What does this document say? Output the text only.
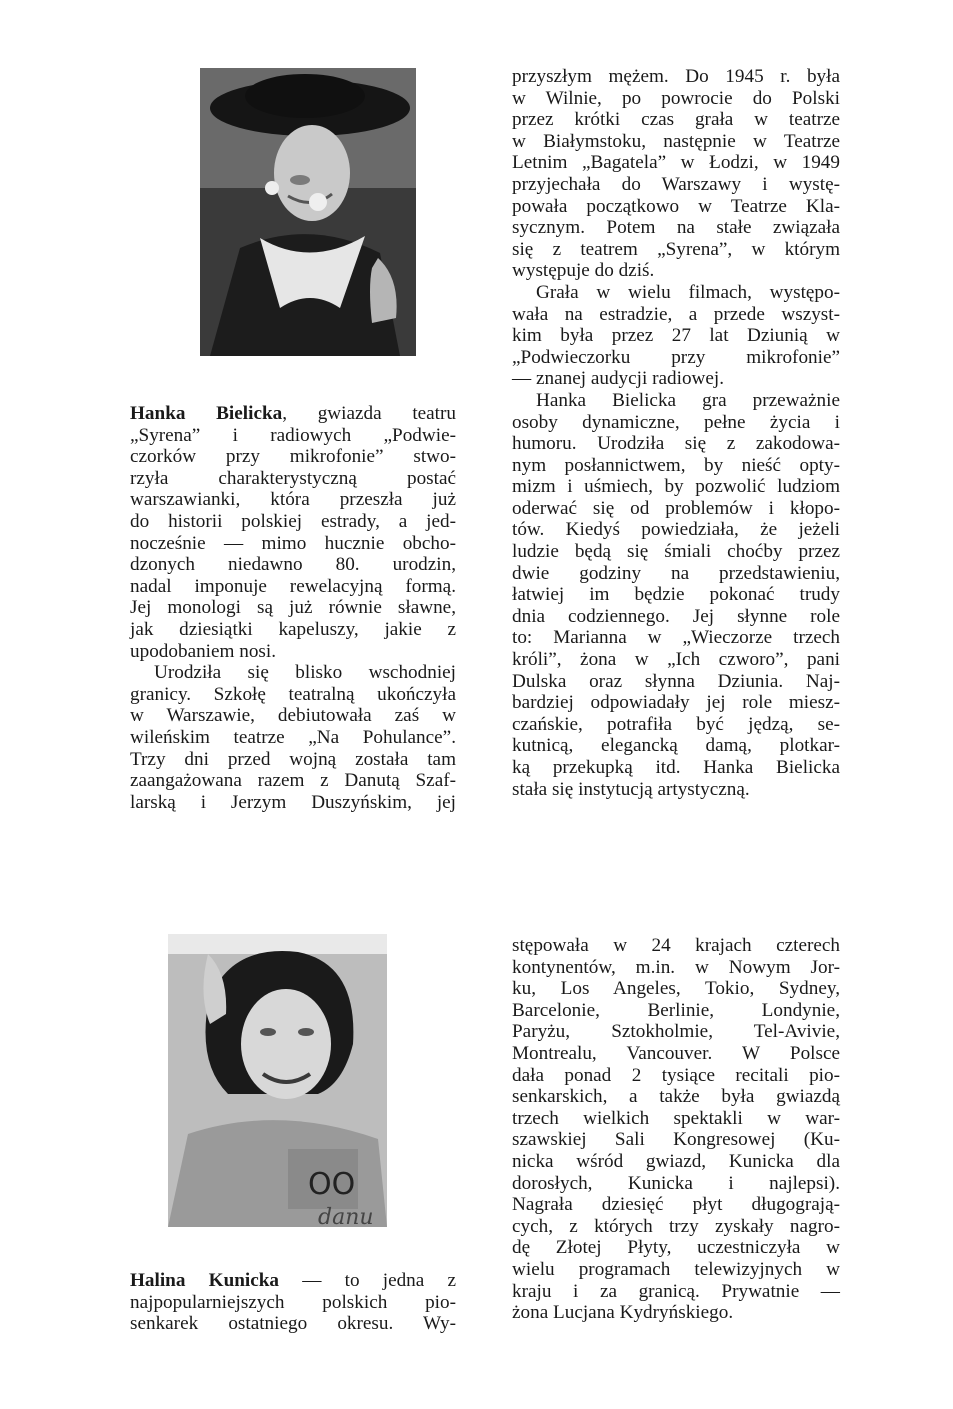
Hanka Bielicka, gwiazda teatru
„Syrena” i radiowych „Podwie-
czorków przy mikrofonie” stwo-
rzyła charakterystyczną postać
warszawianki, która przeszła już
do historii polskiej estrady, a jed-
nocześnie — mimo hucznie obcho-
dzonych niedawno 80. urodzin,
nadal imponuje rewelacyjną formą.
Jej monologi są już równie sławne,
jak dziesiątki kapeluszy, jakie z
upodobaniem nosi.
Urodziła się blisko wschodniej
granicy. Szkołę teatralną ukończyła
w Warszawie, debiutowała zaś w
wileńskim teatrze „Na Pohulance”.
Trzy dni przed wojną została tam
zaangażowana razem z Danutą Szaf-
larską i Jerzym Duszyńskim, jej
przyszłym mężem. Do 1945 r. była
w Wilnie, po powrocie do Polski
przez krótki czas grała w teatrze
w Białymstoku, następnie w Teatrze
Letnim „Bagatela” w Łodzi, w 1949
przyjechała do Warszawy i wystę-
powała początkowo w Teatrze Kla-
sycznym. Potem na stałe związała
się z teatrem „Syrena”, w którym
występuje do dziś.
Grała w wielu filmach, występo-
wała na estradzie, a przede wszyst-
kim była przez 27 lat Dziunią w
„Podwieczorku przy mikrofonie”
— znanej audycji radiowej.
Hanka Bielicka gra przeważnie
osoby dynamiczne, pełne życia i
humoru. Urodziła się z zakodowa-
nym posłannictwem, by nieść opty-
mizm i uśmiech, by pozwolić ludziom
oderwać się od problemów i kłopo-
tów. Kiedyś powiedziała, że jeżeli
ludzie będą się śmiali choćby przez
dwie godziny na przedstawieniu,
łatwiej im będzie pokonać trudy
dnia codziennego. Jej słynne role
to: Marianna w „Wieczorze trzech
króli”, żona w „Ich czworo”, pani
Dulska oraz słynna Dziunia. Naj-
bardziej odpowiadały jej role miesz-
czańskie, potrafiła być jędzą, se-
kutnicą, elegancką damą, plotkar-
ką przekupką itd. Hanka Bielicka
stała się instytucją artystyczną.
OO
danu
Halina Kunicka — to jedna z
najpopularniejszych polskich pio-
senkarek ostatniego okresu. Wy-
stępowała w 24 krajach czterech
kontynentów, m.in. w Nowym Jor-
ku, Los Angeles, Tokio, Sydney,
Barcelonie, Berlinie, Londynie,
Paryżu, Sztokholmie, Tel-Avivie,
Montrealu, Vancouver. W Polsce
dała ponad 2 tysiące recitali pio-
senkarskich, a także była gwiazdą
trzech wielkich spektakli w war-
szawskiej Sali Kongresowej (Ku-
nicka wśród gwiazd, Kunicka dla
dorosłych, Kunicka i najlepsi).
Nagrała dziesięć płyt długograją-
cych, z których trzy zyskały nagro-
dę Złotej Płyty, uczestniczyła w
wielu programach telewizyjnych w
kraju i za granicą. Prywatnie —
żona Lucjana Kydryńskiego.
